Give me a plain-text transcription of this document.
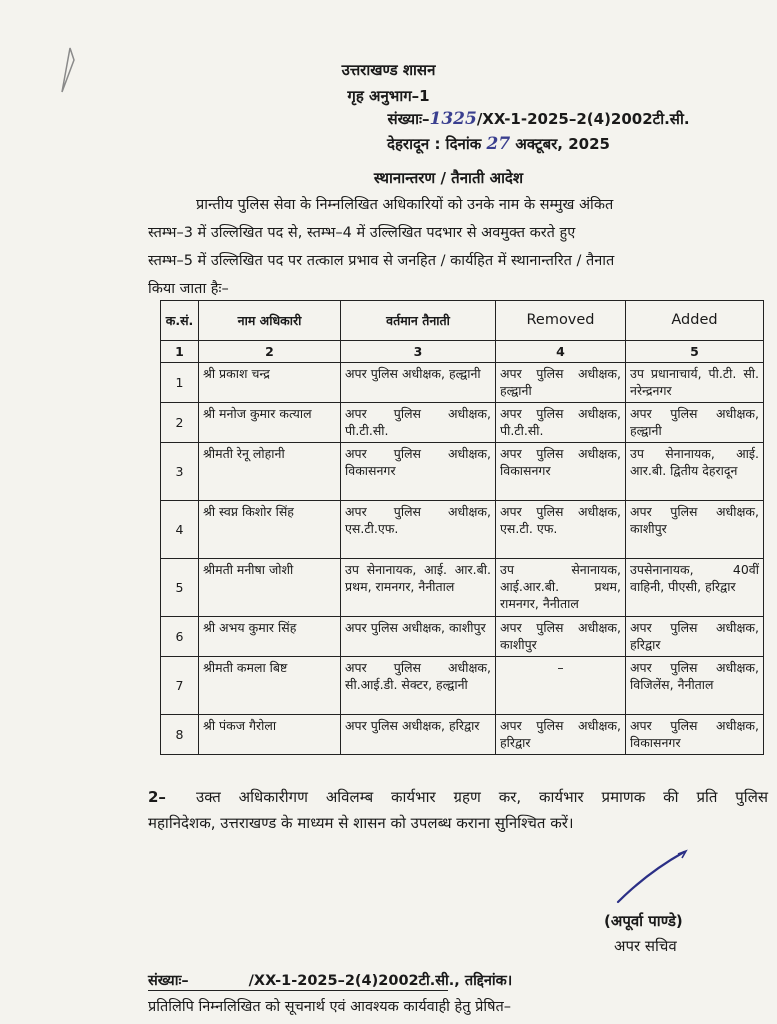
उत्तराखण्ड शासन
गृह अनुभाग–1
संख्याः–1325/XX-1-2025–2(4)2002टी.सी.
देहरादून : दिनांक 27 अक्टूबर, 2025
स्थानान्तरण / तैनाती आदेश
प्रान्तीय पुलिस सेवा के निम्नलिखित अधिकारियों को उनके नाम के सम्मुख अंकित
स्तम्भ–3 में उल्लिखित पद से, स्तम्भ–4 में उल्लिखित पदभार से अवमुक्त करते हुए
स्तम्भ–5 में उल्लिखित पद पर तत्काल प्रभाव से जनहित / कार्यहित में स्थानान्तरित / तैनात
किया जाता हैः–
क.सं.	नाम अधिकारी	वर्तमान तैनाती	Removed	Added
1	2	3	4	5
1	श्री प्रकाश चन्द्र	अपर पुलिस अधीक्षक, हल्द्वानी	अपर पुलिस अधीक्षक, हल्द्वानी	उप प्रधानाचार्य, पी.टी. सी. नरेन्द्रनगर
2	श्री मनोज कुमार कत्याल	अपर पुलिस अधीक्षक, पी.टी.सी.	अपर पुलिस अधीक्षक, पी.टी.सी.	अपर पुलिस अधीक्षक, हल्द्वानी
3	श्रीमती रेनू लोहानी	अपर पुलिस अधीक्षक, विकासनगर	अपर पुलिस अधीक्षक, विकासनगर	उप सेनानायक, आई. आर.बी. द्वितीय देहरादून
4	श्री स्वप्न किशोर सिंह	अपर पुलिस अधीक्षक, एस.टी.एफ.	अपर पुलिस अधीक्षक, एस.टी. एफ.	अपर पुलिस अधीक्षक, काशीपुर
5	श्रीमती मनीषा जोशी	उप सेनानायक, आई. आर.बी. प्रथम, रामनगर, नैनीताल	उप सेनानायक, आई.आर.बी. प्रथम, रामनगर, नैनीताल	उपसेनानायक, 40वीं वाहिनी, पीएसी, हरिद्वार
6	श्री अभय कुमार सिंह	अपर पुलिस अधीक्षक, काशीपुर	अपर पुलिस अधीक्षक, काशीपुर	अपर पुलिस अधीक्षक, हरिद्वार
7	श्रीमती कमला बिष्ट	अपर पुलिस अधीक्षक, सी.आई.डी. सेक्टर, हल्द्वानी	–	अपर पुलिस अधीक्षक, विजिलेंस, नैनीताल
8	श्री पंकज गैरोला	अपर पुलिस अधीक्षक, हरिद्वार	अपर पुलिस अधीक्षक, हरिद्वार	अपर पुलिस अधीक्षक, विकासनगर
2– उक्त अधिकारीगण अविलम्ब कार्यभार ग्रहण कर, कार्यभार प्रमाणक की प्रति पुलिस
महानिदेशक, उत्तराखण्ड के माध्यम से शासन को उपलब्ध कराना सुनिश्चित करें।
(अपूर्वा पाण्डे)
अपर सचिव
संख्याः–	/XX-1-2025–2(4)2002टी.सी., तद्दिनांक।
प्रतिलिपि निम्नलिखित को सूचनार्थ एवं आवश्यक कार्यवाही हेतु प्रेषित–
